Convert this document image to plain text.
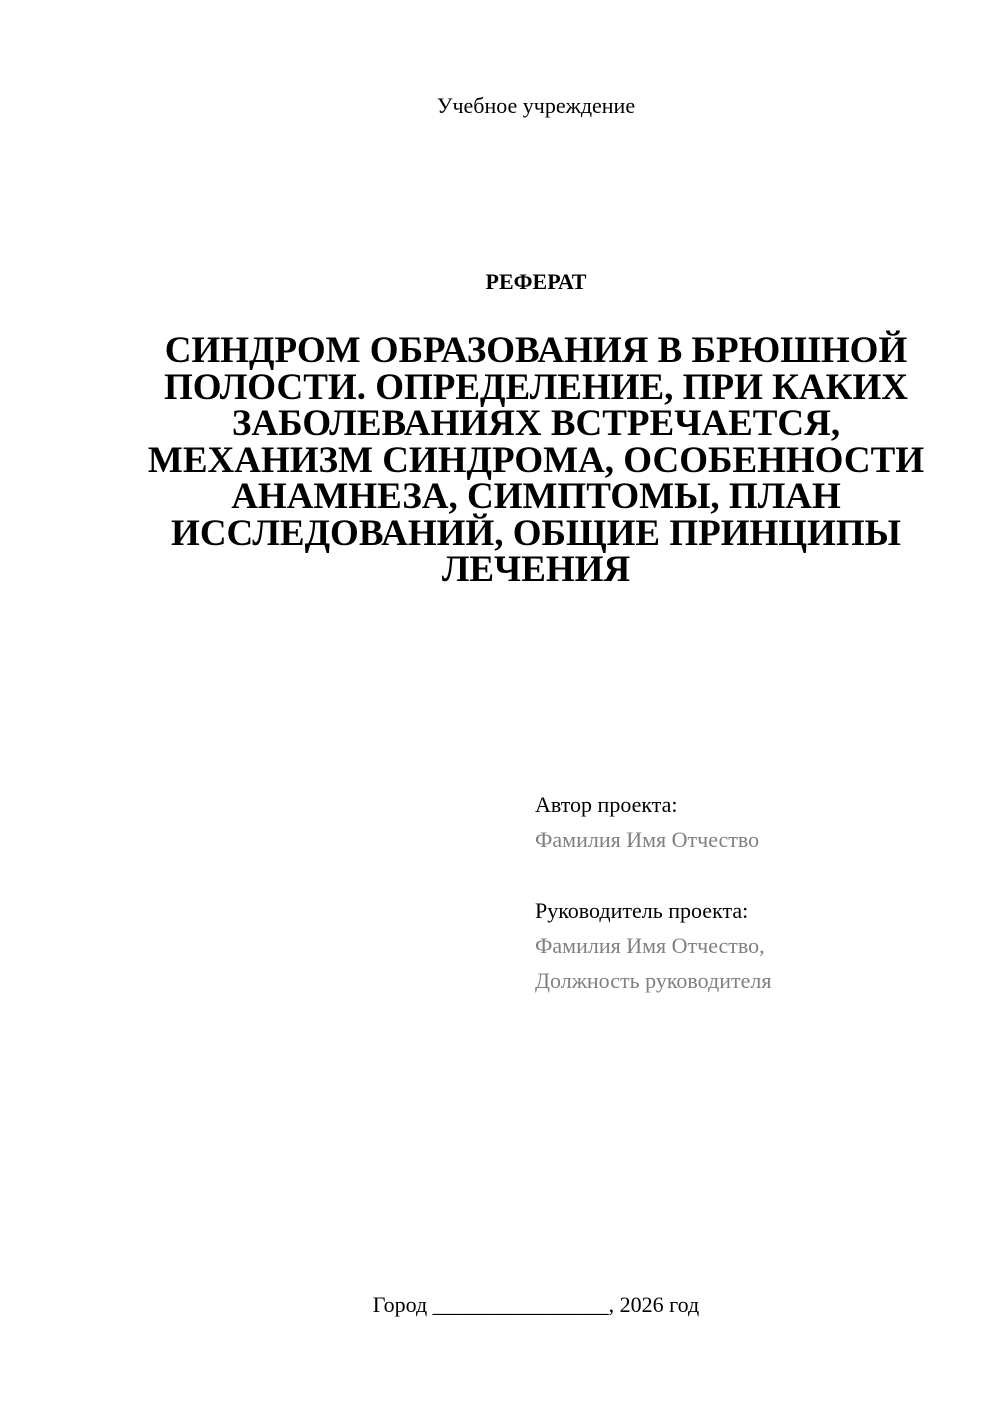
Учебное учреждение
РЕФЕРАТ
СИНДРОМ ОБРАЗОВАНИЯ В БРЮШНОЙ ПОЛОСТИ. ОПРЕДЕЛЕНИЕ, ПРИ КАКИХ ЗАБОЛЕВАНИЯХ ВСТРЕЧАЕТСЯ, МЕХАНИЗМ СИНДРОМА, ОСОБЕННОСТИ АНАМНЕЗА, СИМПТОМЫ, ПЛАН ИССЛЕДОВАНИЙ, ОБЩИЕ ПРИНЦИПЫ ЛЕЧЕНИЯ
Автор проекта:
Фамилия Имя Отчество
Руководитель проекта:
Фамилия Имя Отчество,
Должность руководителя
Город ________________, 2026 год
